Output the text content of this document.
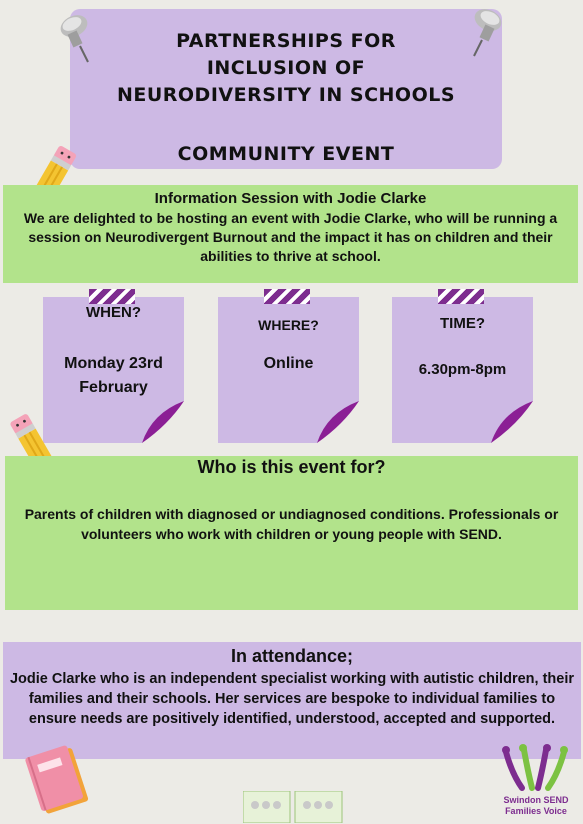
PARTNERSHIPS FOR
INCLUSION OF
NEURODIVERSITY IN SCHOOLS
COMMUNITY EVENT
Information Session with Jodie Clarke
We are delighted to be hosting an event with Jodie Clarke, who will be running a session on Neurodivergent Burnout and the impact it has on children and their abilities to thrive at school.
WHEN?
Monday 23rd February
WHERE?
Online
TIME?
6.30pm-8pm
Who is this event for?
Parents of children with diagnosed or undiagnosed conditions. Professionals or volunteers who work with children or young people with SEND.
In attendance;
Jodie Clarke who is an independent specialist working with autistic children, their families and their schools. Her services are bespoke to individual families to ensure needs are positively identified, understood, accepted and supported.
Swindon SEND Families Voice
